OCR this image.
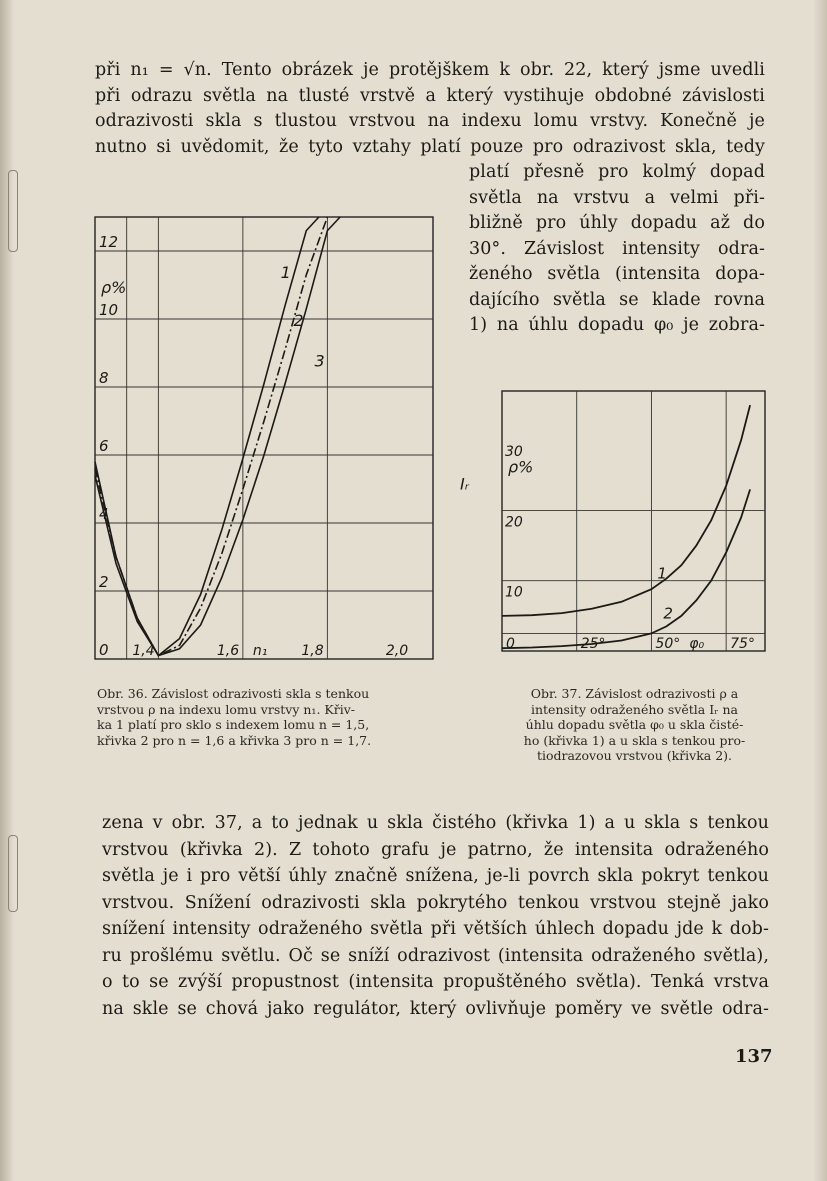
při n₁ = √n. Tento obrázek je protějškem k obr. 22, který jsme uvedli
při odrazu světla na tlusté vrstvě a který vystihuje obdobné závislosti
odrazivosti skla s tlustou vrstvou na indexu lomu vrstvy. Konečně je
nutno si uvědomit, že tyto vztahy platí pouze pro odrazivost skla, tedy
platí přesně pro kolmý dopad
světla na vrstvu a velmi při-
bližně pro úhly dopadu až do
30°. Závislost intensity odra-
ženého světla (intensita dopa-
dajícího světla se klade rovna
1) na úhlu dopadu φ₀ je zobra-
0
2
4
6
8
10
12
1,4	1,6	1,8	2,0
ρ%
n₁
1
2
3
Obr. 36. Závislost odrazivosti skla s tenkou
vrstvou ρ na indexu lomu vrstvy n₁. Křiv-
ka 1 platí pro sklo s indexem lomu n = 1,5,
křivka 2 pro n = 1,6 a křivka 3 pro n = 1,7.
10
20
30
0	25°	50°	75°
ρ%
Iᵣ
φ₀
1
2
Obr. 37. Závislost odrazivosti ρ a
intensity odraženého světla Iᵣ na
úhlu dopadu světla φ₀ u skla čisté-
ho (křivka 1) a u skla s tenkou pro-
tiodrazovou vrstvou (křivka 2).
zena v obr. 37, a to jednak u skla čistého (křivka 1) a u skla s tenkou
vrstvou (křivka 2). Z tohoto grafu je patrno, že intensita odraženého
světla je i pro větší úhly značně snížena, je-li povrch skla pokryt tenkou
vrstvou. Snížení odrazivosti skla pokrytého tenkou vrstvou stejně jako
snížení intensity odraženého světla při větších úhlech dopadu jde k dob-
ru prošlému světlu. Oč se sníží odrazivost (intensita odraženého světla),
o to se zvýší propustnost (intensita propuštěného světla). Tenká vrstva
na skle se chová jako regulátor, který ovlivňuje poměry ve světle odra-
137
